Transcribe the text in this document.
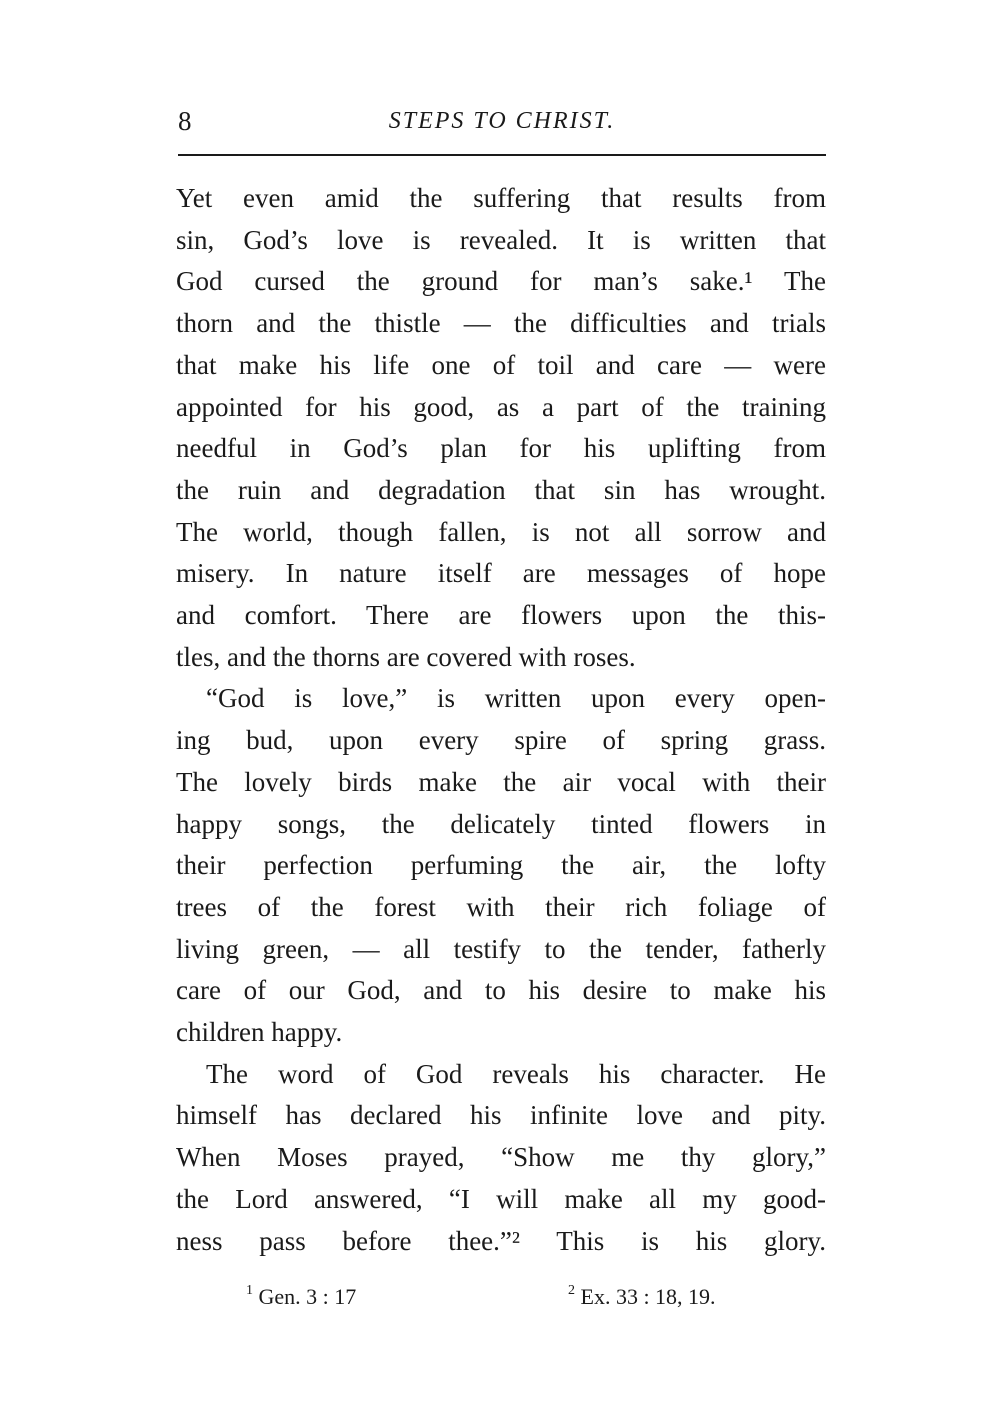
8	STEPS TO CHRIST.

Yet even amid the suffering that results from
sin, God’s love is revealed. It is written that
God cursed the ground for man’s sake.¹ The
thorn and the thistle — the difficulties and trials
that make his life one of toil and care — were
appointed for his good, as a part of the training
needful in God’s plan for his uplifting from
the ruin and degradation that sin has wrought.
The world, though fallen, is not all sorrow and
misery. In nature itself are messages of hope
and comfort. There are flowers upon the this-
tles, and the thorns are covered with roses.

“God is love,” is written upon every open-
ing bud, upon every spire of spring grass.
The lovely birds make the air vocal with their
happy songs, the delicately tinted flowers in
their perfection perfuming the air, the lofty
trees of the forest with their rich foliage of
living green, — all testify to the tender, fatherly
care of our God, and to his desire to make his
children happy.

The word of God reveals his character. He
himself has declared his infinite love and pity.
When Moses prayed, “Show me thy glory,”
the Lord answered, “I will make all my good-
ness pass before thee.”² This is his glory.

$^1$ Gen. 3 : 17	$^2$ Ex. 33 : 18, 19.
